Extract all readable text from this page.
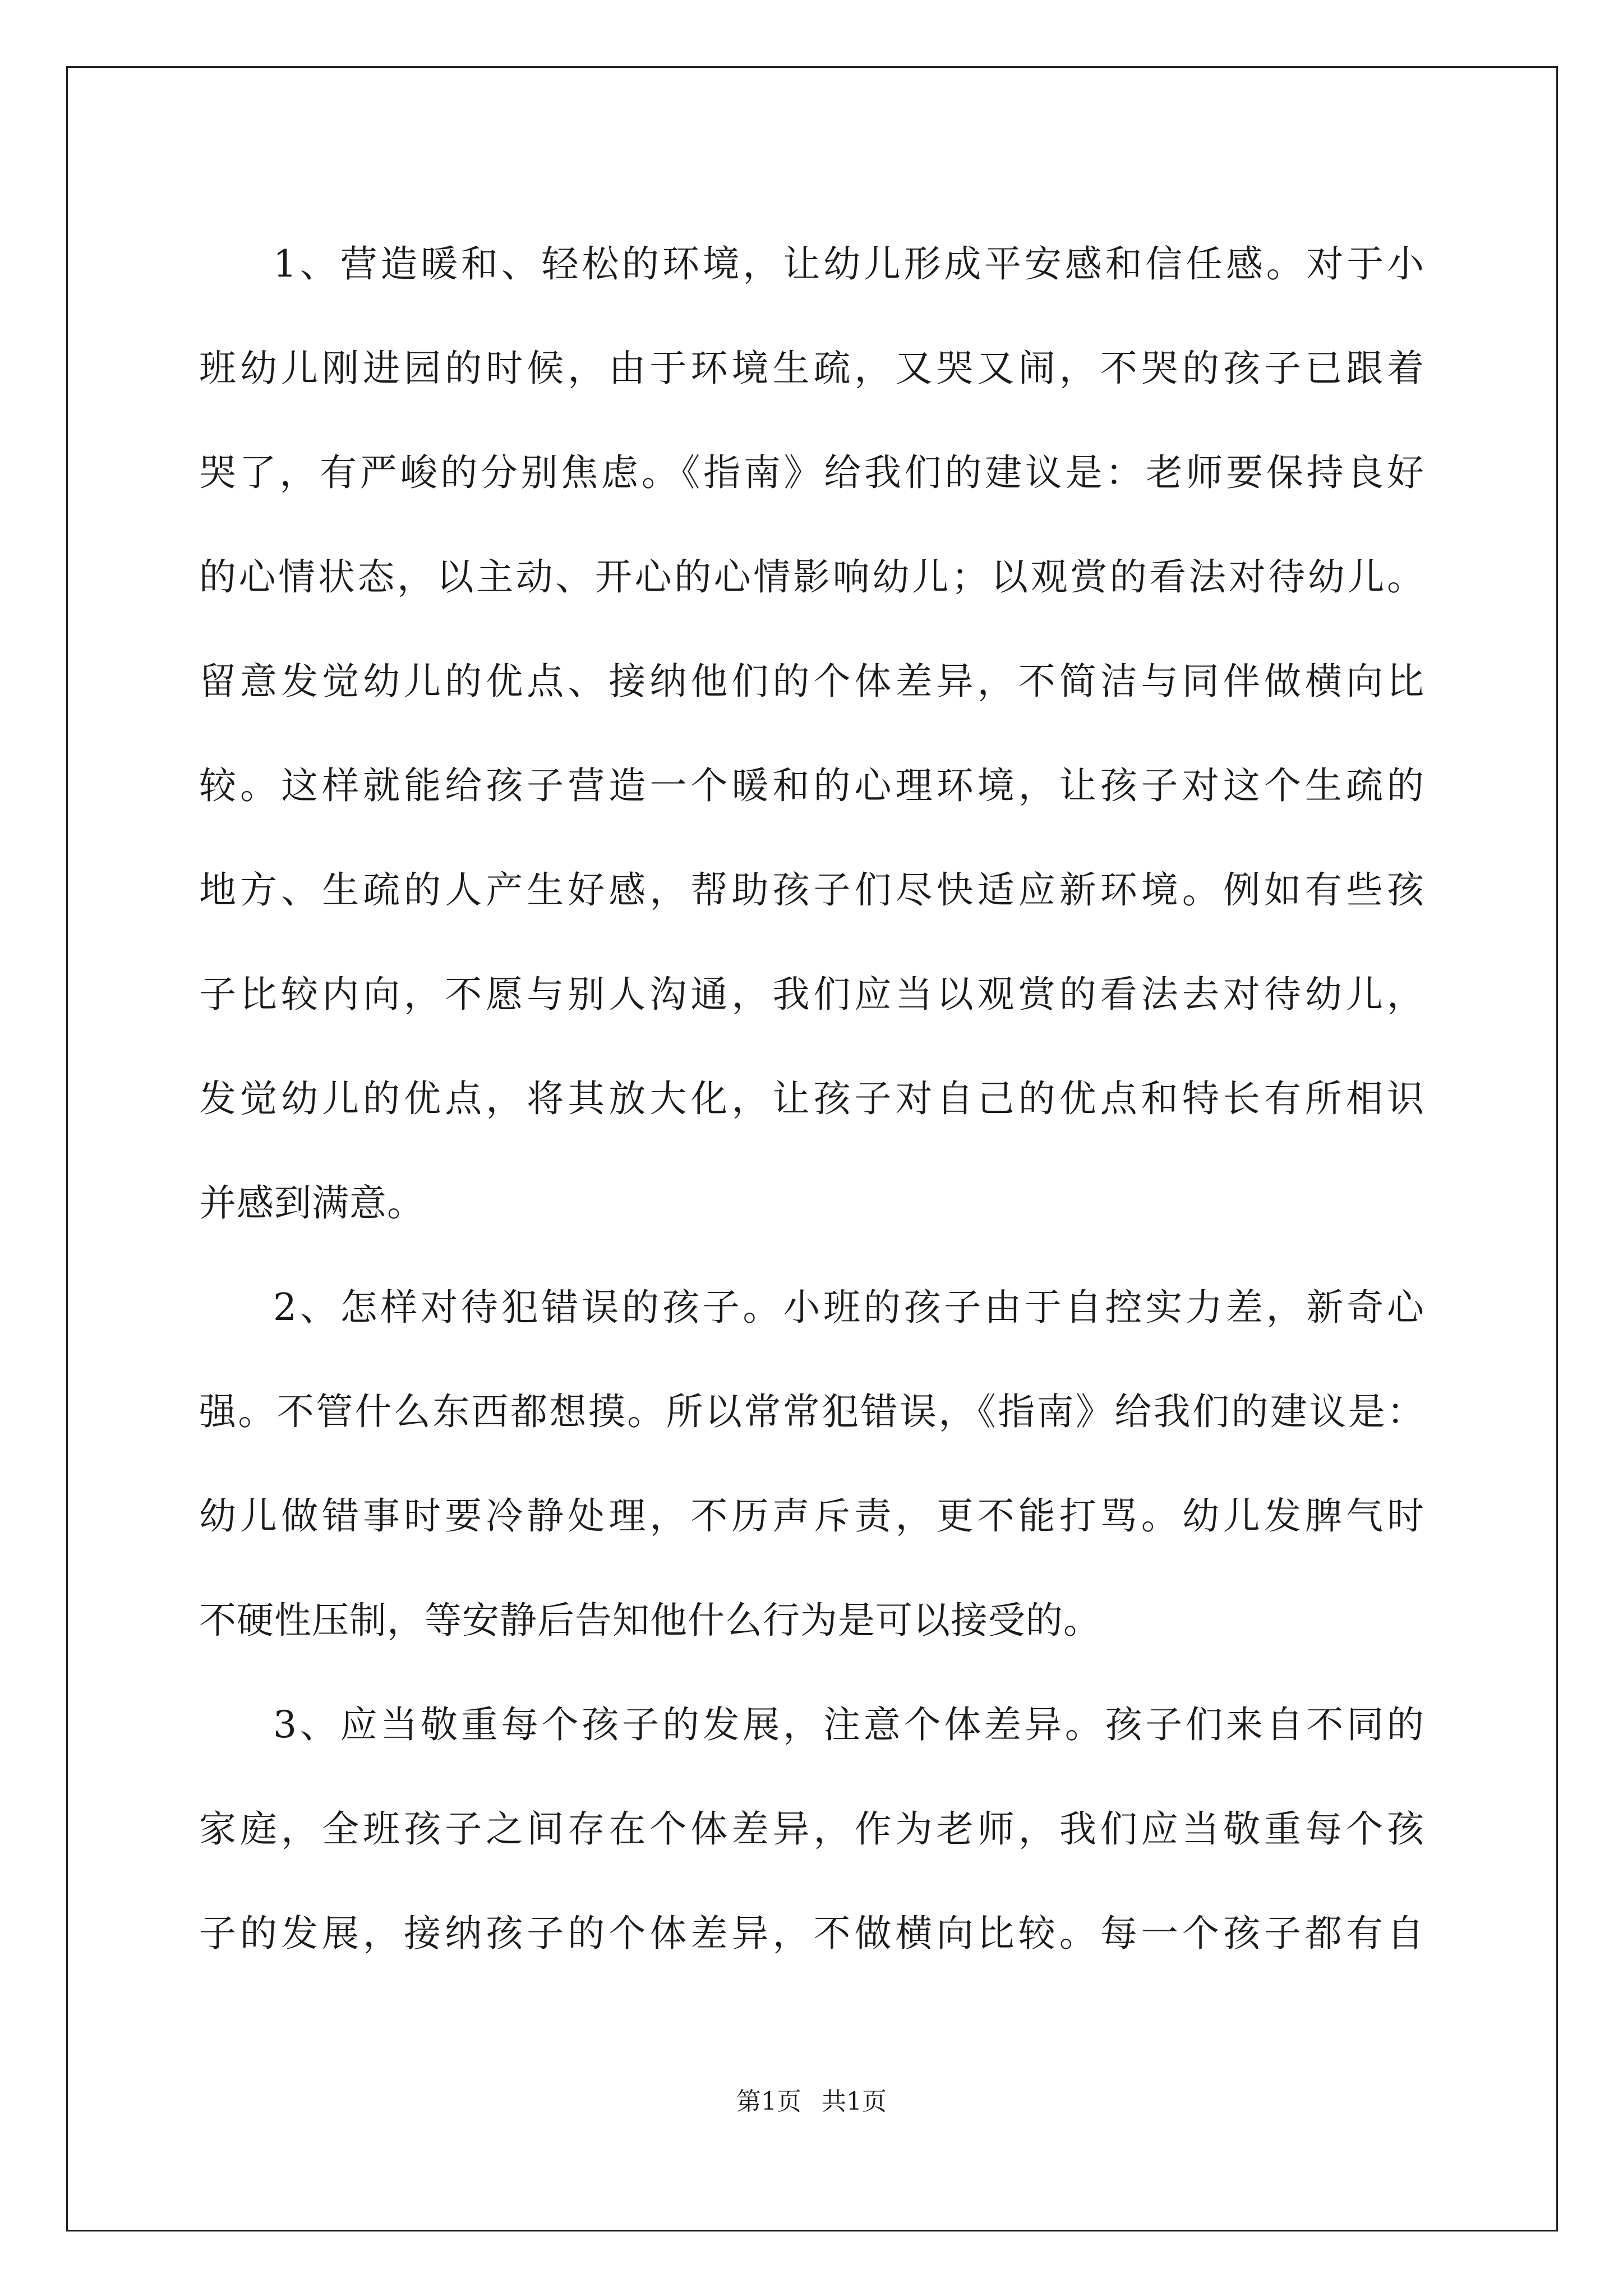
1、营造暖和、轻松的环境，让幼儿形成平安感和信任感。对于小
班幼儿刚进园的时候，由于环境生疏，又哭又闹，不哭的孩子已跟着
哭了，有严峻的分别焦虑。《指南》给我们的建议是：老师要保持良好
的心情状态，以主动、开心的心情影响幼儿；以观赏的看法对待幼儿。
留意发觉幼儿的优点、接纳他们的个体差异，不简洁与同伴做横向比
较。这样就能给孩子营造一个暖和的心理环境，让孩子对这个生疏的
地方、生疏的人产生好感，帮助孩子们尽快适应新环境。例如有些孩
子比较内向，不愿与别人沟通，我们应当以观赏的看法去对待幼儿，
发觉幼儿的优点，将其放大化，让孩子对自己的优点和特长有所相识
并感到满意。
2、怎样对待犯错误的孩子。小班的孩子由于自控实力差，新奇心
强。不管什么东西都想摸。所以常常犯错误，《指南》给我们的建议是：
幼儿做错事时要冷静处理，不历声斥责，更不能打骂。幼儿发脾气时
不硬性压制，等安静后告知他什么行为是可以接受的。
3、应当敬重每个孩子的发展，注意个体差异。孩子们来自不同的
家庭，全班孩子之间存在个体差异，作为老师，我们应当敬重每个孩
子的发展，接纳孩子的个体差异，不做横向比较。每一个孩子都有自
第1页 共1页
